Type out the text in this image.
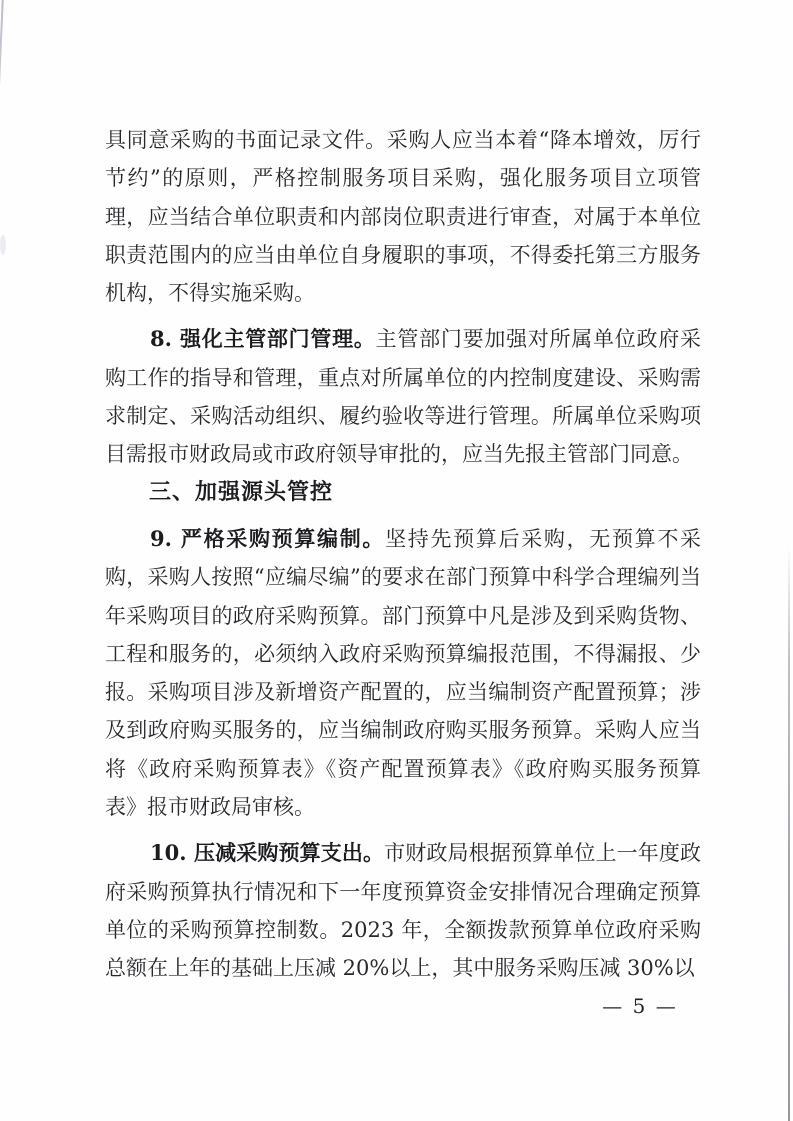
具同意采购的书面记录文件。采购人应当本着“降本增效，厉行节约”的原则，严格控制服务项目采购，强化服务项目立项管理，应当结合单位职责和内部岗位职责进行审查，对属于本单位职责范围内的应当由单位自身履职的事项，不得委托第三方服务机构，不得实施采购。

8. 强化主管部门管理。主管部门要加强对所属单位政府采购工作的指导和管理，重点对所属单位的内控制度建设、采购需求制定、采购活动组织、履约验收等进行管理。所属单位采购项目需报市财政局或市政府领导审批的，应当先报主管部门同意。

三、加强源头管控

9. 严格采购预算编制。坚持先预算后采购，无预算不采购，采购人按照“应编尽编”的要求在部门预算中科学合理编列当年采购项目的政府采购预算。部门预算中凡是涉及到采购货物、工程和服务的，必须纳入政府采购预算编报范围，不得漏报、少报。采购项目涉及新增资产配置的，应当编制资产配置预算；涉及到政府购买服务的，应当编制政府购买服务预算。采购人应当将《政府采购预算表》《资产配置预算表》《政府购买服务预算表》报市财政局审核。

10. 压减采购预算支出。市财政局根据预算单位上一年度政府采购预算执行情况和下一年度预算资金安排情况合理确定预算单位的采购预算控制数。2023 年，全额拨款预算单位政府采购总额在上年的基础上压减 20%以上，其中服务采购压减 30%以

— 5 —
